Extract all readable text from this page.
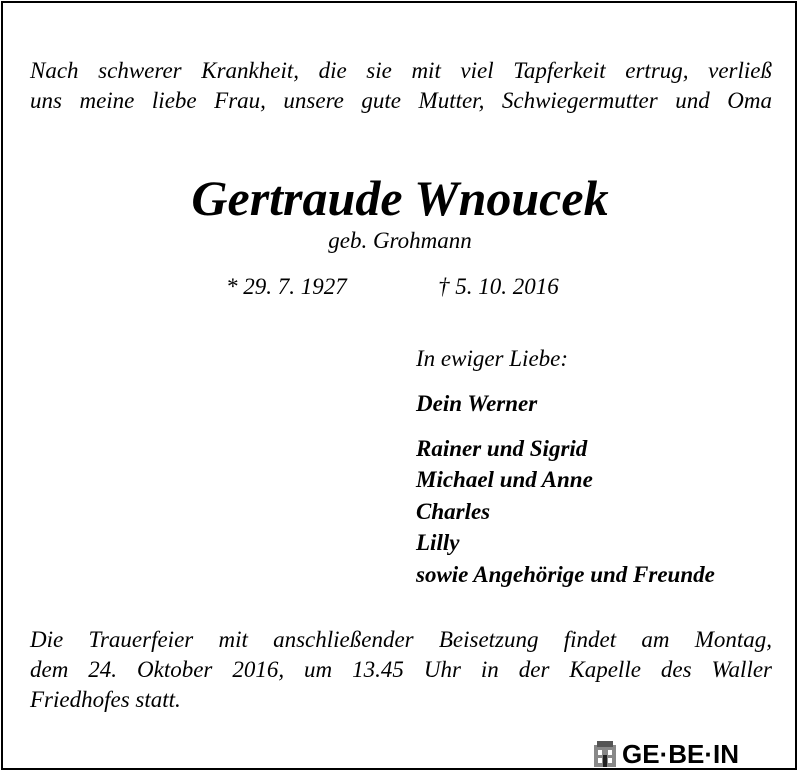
Nach schwerer Krankheit, die sie mit viel Tapferkeit ertrug, verließ
uns meine liebe Frau, unsere gute Mutter, Schwiegermutter und Oma
Gertraude Wnoucek
geb. Grohmann
* 29. 7. 1927	† 5. 10. 2016
In ewiger Liebe:
Dein Werner
Rainer und Sigrid
Michael und Anne
Charles
Lilly
sowie Angehörige und Freunde
Die Trauerfeier mit anschließender Beisetzung findet am Montag,
dem 24. Oktober 2016, um 13.45 Uhr in der Kapelle des Waller
Friedhofes statt.
GE·BE·IN
